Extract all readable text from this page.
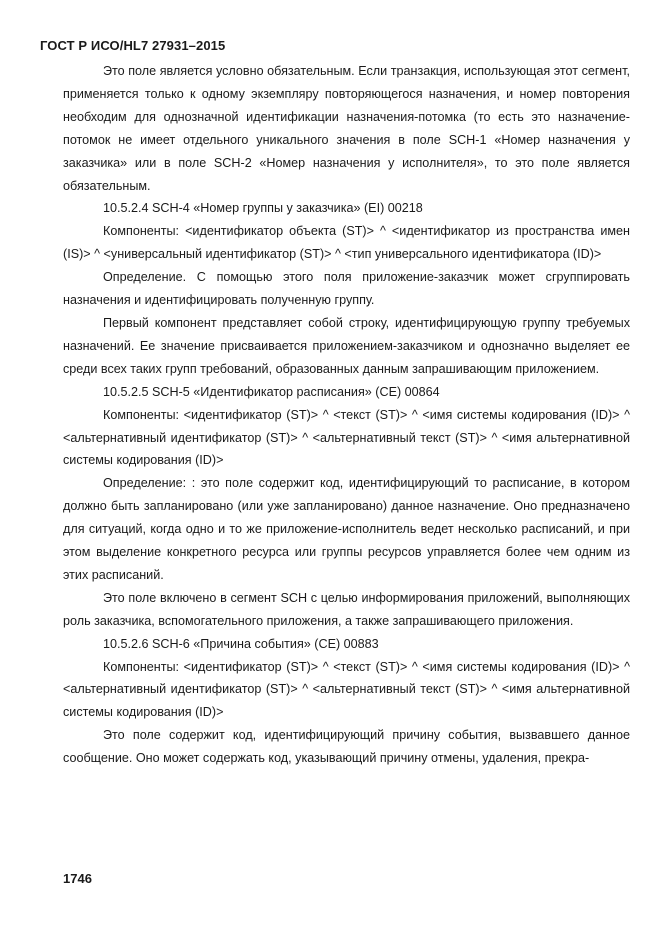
ГОСТ Р ИСО/HL7 27931–2015

Это поле является условно обязательным. Если транзакция, использующая этот сегмент, применяется только к одному экземпляру повторяющегося назначения, и номер повторения необходим для однозначной идентификации назначения-потомка (то есть это назначение-потомок не имеет отдельного уникального значения в поле SCH-1 «Номер назначения у заказчика» или в поле SCH-2 «Номер назначения у исполнителя», то это поле является обязательным.

10.5.2.4 SCH-4 «Номер группы у заказчика» (EI) 00218

Компоненты: <идентификатор объекта (ST)> ^ <идентификатор из пространства имен (IS)> ^ <универсальный идентификатор (ST)> ^ <тип универсального идентификатора (ID)>

Определение. С помощью этого поля приложение-заказчик может сгруппировать назначения и идентифицировать полученную группу.

Первый компонент представляет собой строку, идентифицирующую группу требуемых назначений. Ее значение присваивается приложением-заказчиком и однозначно выделяет ее среди всех таких групп требований, образованных данным запрашивающим приложением.

10.5.2.5 SCH-5 «Идентификатор расписания» (CE) 00864

Компоненты: <идентификатор (ST)> ^ <текст (ST)> ^ <имя системы кодирования (ID)> ^ <альтернативный идентификатор (ST)> ^ <альтернативный текст (ST)> ^ <имя альтернативной системы кодирования (ID)>

Определение: : это поле содержит код, идентифицирующий то расписание, в котором должно быть запланировано (или уже запланировано) данное назначение. Оно предназначено для ситуаций, когда одно и то же приложение-исполнитель ведет несколько расписаний, и при этом выделение конкретного ресурса или группы ресурсов управляется более чем одним из этих расписаний.

Это поле включено в сегмент SCH с целью информирования приложений, выполняющих роль заказчика, вспомогательного приложения, а также запрашивающего приложения.

10.5.2.6 SCH-6 «Причина события» (CE) 00883

Компоненты: <идентификатор (ST)> ^ <текст (ST)> ^ <имя системы кодирования (ID)> ^ <альтернативный идентификатор (ST)> ^ <альтернативный текст (ST)> ^ <имя альтернативной системы кодирования (ID)>

Это поле содержит код, идентифицирующий причину события, вызвавшего данное сообщение. Оно может содержать код, указывающий причину отмены, удаления, прекра-

1746
